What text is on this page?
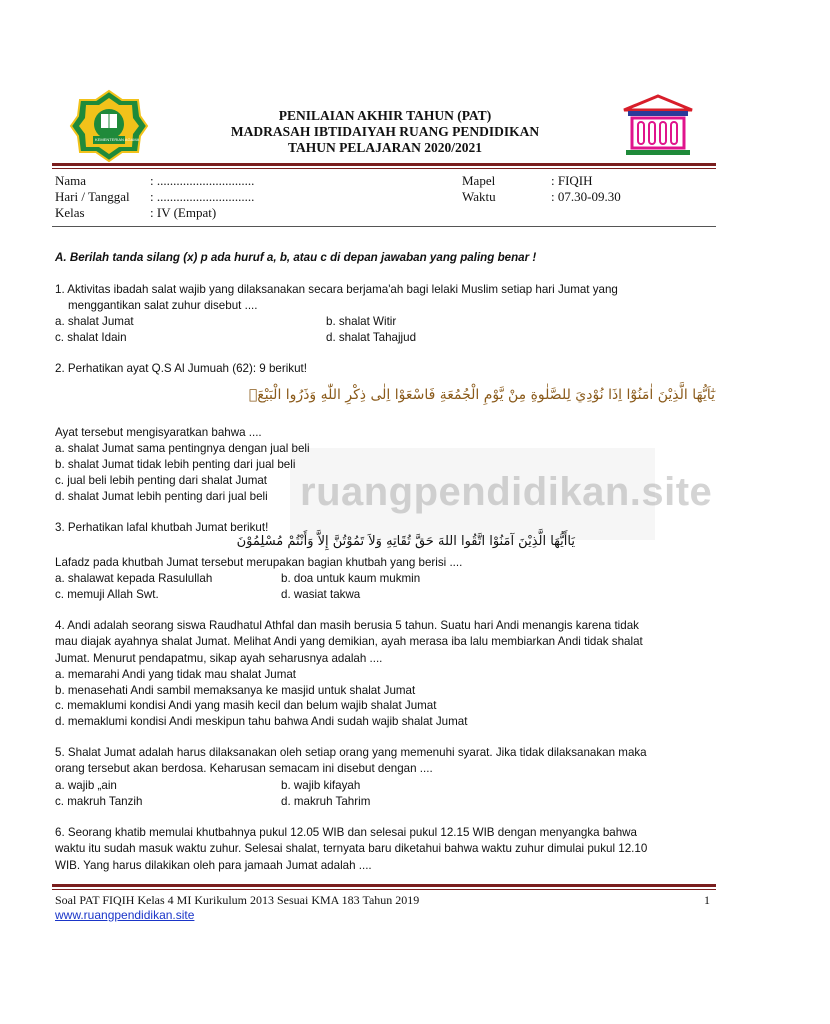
KEMENTERIAN AGAMA
PENILAIAN AKHIR TAHUN (PAT)
MADRASAH IBTIDAIYAH RUANG PENDIDIKAN
TAHUN PELAJARAN 2020/2021
Nama	: ..............................
Hari / Tanggal : ..............................
Kelas	: IV (Empat)
Mapel	: FIQIH
Waktu	: 07.30-09.30
A. Berilah tanda silang (x) p ada huruf a, b, atau c di depan jawaban yang paling benar !
1. Aktivitas ibadah salat wajib yang dilaksanakan secara berjama'ah bagi lelaki Muslim setiap hari Jumat yang
menggantikan salat zuhur disebut ....
a. shalat Jumat	b. shalat Witir
c. shalat Idain	d. shalat Tahajjud
2. Perhatikan ayat Q.S Al Jumuah (62): 9 berikut!
يٰٓاَيُّهَا الَّذِيْنَ اٰمَنُوْٓا اِذَا نُوْدِيَ لِلصَّلٰوةِ مِنْ يَّوْمِ الْجُمُعَةِ فَاسْعَوْا اِلٰى ذِكْرِ اللّٰهِ وَذَرُوا الْبَيْعَۗ
Ayat tersebut mengisyaratkan bahwa ....
ruangpendidikan.site
a. shalat Jumat sama pentingnya dengan jual beli
b. shalat Jumat tidak lebih penting dari jual beli
c. jual beli lebih penting dari shalat Jumat
d. shalat Jumat lebih penting dari jual beli
3. Perhatikan lafal khutbah Jumat berikut!
يَاأَيُّهَا الَّذِيْنَ آمَنُوْا اتَّقُوا اللهَ حَقَّ تُقَاتِهِ وَلاَ تَمُوْتُنَّ إِلاَّ وَأَنْتُمْ مُسْلِمُوْنَ
Lafadz pada khutbah Jumat tersebut merupakan bagian khutbah yang berisi ....
a. shalawat kepada Rasulullah	b. doa untuk kaum mukmin
c. memuji Allah Swt.	d. wasiat takwa
4. Andi adalah seorang siswa Raudhatul Athfal dan masih berusia 5 tahun. Suatu hari Andi menangis karena tidak
mau diajak ayahnya shalat Jumat. Melihat Andi yang demikian, ayah merasa iba lalu membiarkan Andi tidak shalat
Jumat. Menurut pendapatmu, sikap ayah seharusnya adalah ....
a. memarahi Andi yang tidak mau shalat Jumat
b. menasehati Andi sambil memaksanya ke masjid untuk shalat Jumat
c. memaklumi kondisi Andi yang masih kecil dan belum wajib shalat Jumat
d. memaklumi kondisi Andi meskipun tahu bahwa Andi sudah wajib shalat Jumat
5. Shalat Jumat adalah harus dilaksanakan oleh setiap orang yang memenuhi syarat. Jika tidak dilaksanakan maka
orang tersebut akan berdosa. Keharusan semacam ini disebut dengan ....
a. wajib „ain	b. wajib kifayah
c. makruh Tanzih	d. makruh Tahrim
6. Seorang khatib memulai khutbahnya pukul 12.05 WIB dan selesai pukul 12.15 WIB dengan menyangka bahwa
waktu itu sudah masuk waktu zuhur. Selesai shalat, ternyata baru diketahui bahwa waktu zuhur dimulai pukul 12.10
WIB. Yang harus dilakikan oleh para jamaah Jumat adalah ....
Soal PAT FIQIH Kelas 4 MI Kurikulum 2013 Sesuai KMA 183 Tahun 2019	1
www.ruangpendidikan.site
